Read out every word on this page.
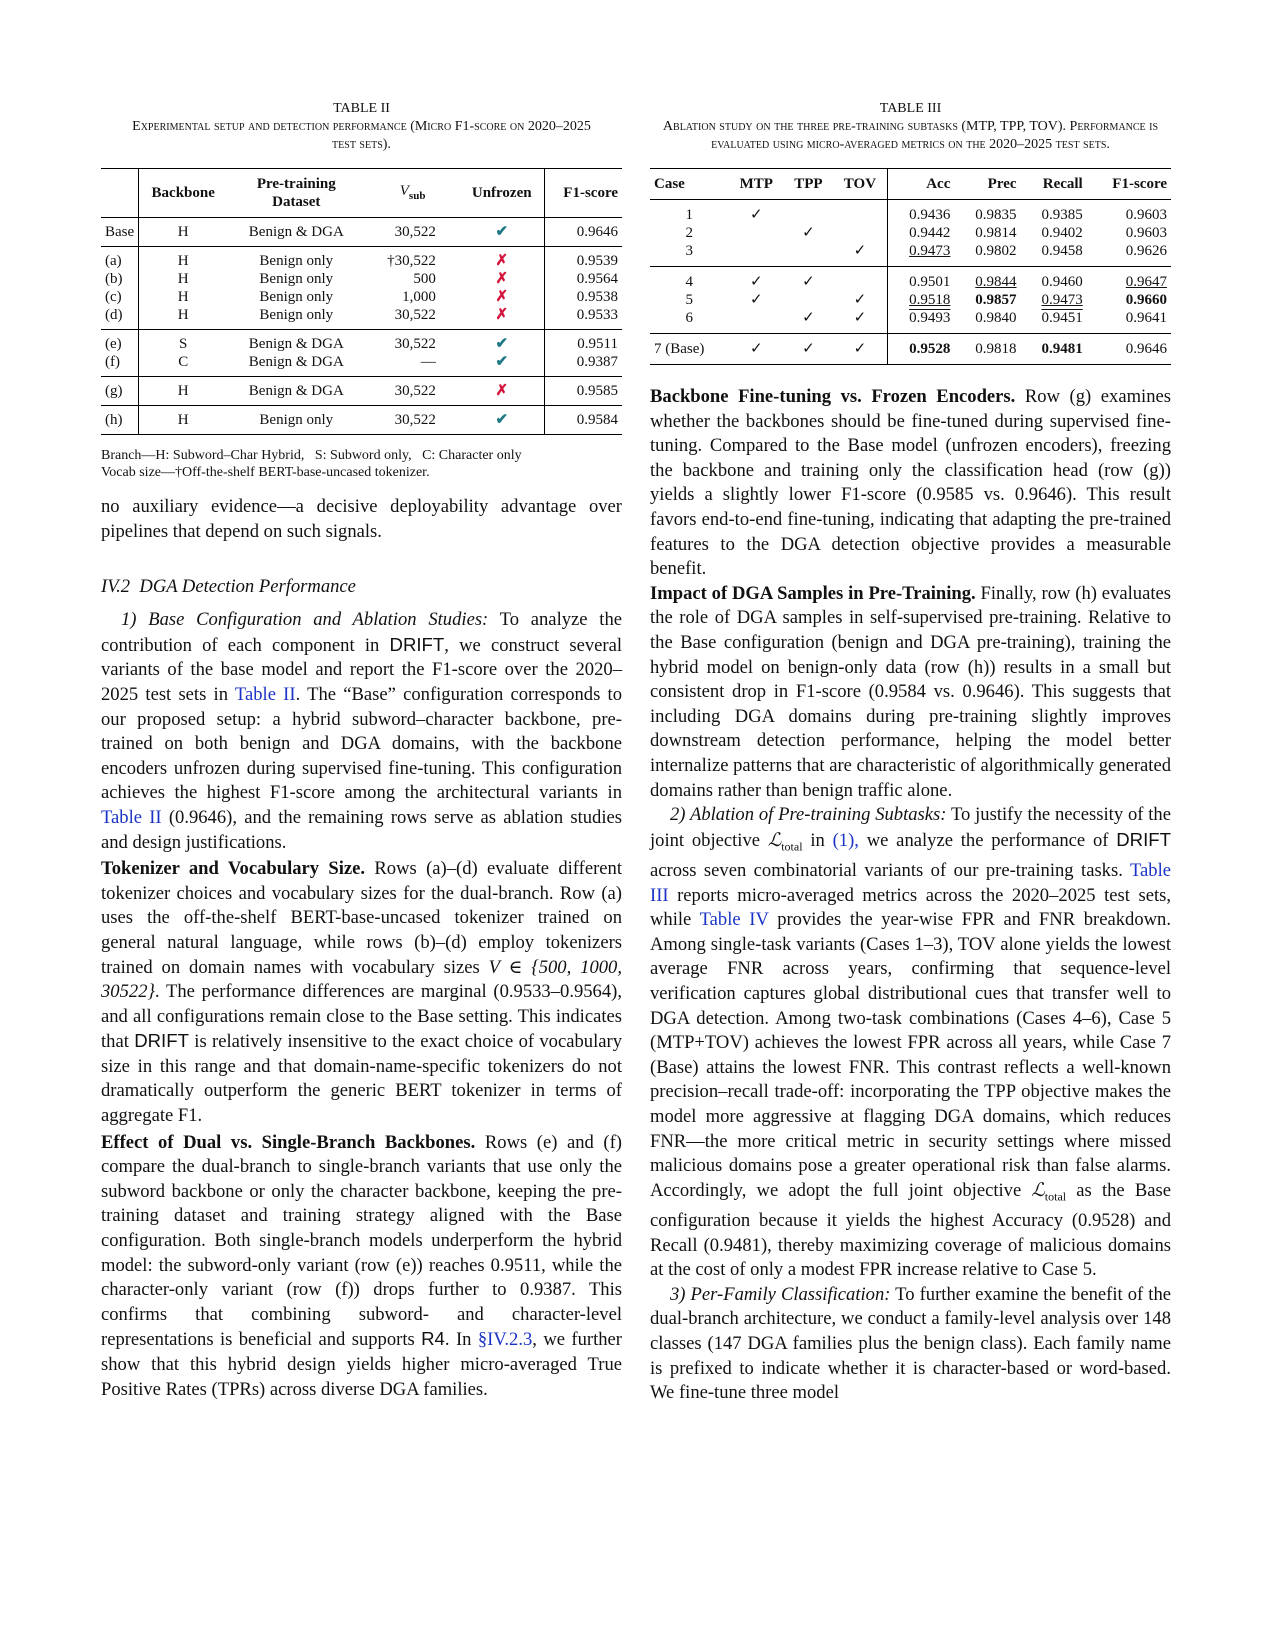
TABLE II
Experimental setup and detection performance (Micro F1-score on 2020–2025 test sets).
	Backbone	Pre-training Dataset	$V_{sub}$	Unfrozen	F1-score
Base	H	Benign & DGA	30,522	✔	0.9646
(a)	H	Benign only	†30,522	✗	0.9539
(b)	H	Benign only	500	✗	0.9564
(c)	H	Benign only	1,000	✗	0.9538
(d)	H	Benign only	30,522	✗	0.9533
(e)	S	Benign & DGA	30,522	✔	0.9511
(f)	C	Benign & DGA	—	✔	0.9387
(g)	H	Benign & DGA	30,522	✗	0.9585
(h)	H	Benign only	30,522	✔	0.9584
Branch—H: Subword–Char Hybrid,   S: Subword only,   C: Character only
Vocab size—†Off-the-shelf BERT-base-uncased tokenizer.

no auxiliary evidence—a decisive deployability advantage over pipelines that depend on such signals.

IV.2  DGA Detection Performance

1) Base Configuration and Ablation Studies: To analyze the contribution of each component in DRIFT, we construct several variants of the base model and report the F1-score over the 2020–2025 test sets in Table II. The “Base” configuration corresponds to our proposed setup: a hybrid subword–character backbone, pre-trained on both benign and DGA domains, with the backbone encoders unfrozen during supervised fine-tuning. This configuration achieves the highest F1-score among the architectural variants in Table II (0.9646), and the remaining rows serve as ablation studies and design justifications.

Tokenizer and Vocabulary Size. Rows (a)–(d) evaluate different tokenizer choices and vocabulary sizes for the dual-branch. Row (a) uses the off-the-shelf BERT-base-uncased tokenizer trained on general natural language, while rows (b)–(d) employ tokenizers trained on domain names with vocabulary sizes V ∈ {500, 1000, 30522}. The performance differences are marginal (0.9533–0.9564), and all configurations remain close to the Base setting. This indicates that DRIFT is relatively insensitive to the exact choice of vocabulary size in this range and that domain-name-specific tokenizers do not dramatically outperform the generic BERT tokenizer in terms of aggregate F1.

Effect of Dual vs. Single-Branch Backbones. Rows (e) and (f) compare the dual-branch to single-branch variants that use only the subword backbone or only the character backbone, keeping the pre-training dataset and training strategy aligned with the Base configuration. Both single-branch models underperform the hybrid model: the subword-only variant (row (e)) reaches 0.9511, while the character-only variant (row (f)) drops further to 0.9387. This confirms that combining subword- and character-level representations is beneficial and supports R4. In §IV.2.3, we further show that this hybrid design yields higher micro-averaged True Positive Rates (TPRs) across diverse DGA families.

TABLE III
Ablation study on the three pre-training subtasks (MTP, TPP, TOV). Performance is evaluated using micro-averaged metrics on the 2020–2025 test sets.
Case	MTP	TPP	TOV	Acc	Prec	Recall	F1-score
1	✓			0.9436	0.9835	0.9385	0.9603
2		✓		0.9442	0.9814	0.9402	0.9603
3			✓	0.9473	0.9802	0.9458	0.9626
4	✓	✓		0.9501	0.9844	0.9460	0.9647
5	✓		✓	0.9518	0.9857	0.9473	0.9660
6		✓	✓	0.9493	0.9840	0.9451	0.9641
7 (Base)	✓	✓	✓	0.9528	0.9818	0.9481	0.9646

Backbone Fine-tuning vs. Frozen Encoders. Row (g) examines whether the backbones should be fine-tuned during supervised fine-tuning. Compared to the Base model (unfrozen encoders), freezing the backbone and training only the classification head (row (g)) yields a slightly lower F1-score (0.9585 vs. 0.9646). This result favors end-to-end fine-tuning, indicating that adapting the pre-trained features to the DGA detection objective provides a measurable benefit.

Impact of DGA Samples in Pre-Training. Finally, row (h) evaluates the role of DGA samples in self-supervised pre-training. Relative to the Base configuration (benign and DGA pre-training), training the hybrid model on benign-only data (row (h)) results in a small but consistent drop in F1-score (0.9584 vs. 0.9646). This suggests that including DGA domains during pre-training slightly improves downstream detection performance, helping the model better internalize patterns that are characteristic of algorithmically generated domains rather than benign traffic alone.

2) Ablation of Pre-training Subtasks: To justify the necessity of the joint objective ℒ$_{total}$ in (1), we analyze the performance of DRIFT across seven combinatorial variants of our pre-training tasks. Table III reports micro-averaged metrics across the 2020–2025 test sets, while Table IV provides the year-wise FPR and FNR breakdown. Among single-task variants (Cases 1–3), TOV alone yields the lowest average FNR across years, confirming that sequence-level verification captures global distributional cues that transfer well to DGA detection. Among two-task combinations (Cases 4–6), Case 5 (MTP+TOV) achieves the lowest FPR across all years, while Case 7 (Base) attains the lowest FNR. This contrast reflects a well-known precision–recall trade-off: incorporating the TPP objective makes the model more aggressive at flagging DGA domains, which reduces FNR—the more critical metric in security settings where missed malicious domains pose a greater operational risk than false alarms. Accordingly, we adopt the full joint objective ℒ$_{total}$ as the Base configuration because it yields the highest Accuracy (0.9528) and Recall (0.9481), thereby maximizing coverage of malicious domains at the cost of only a modest FPR increase relative to Case 5.

3) Per-Family Classification: To further examine the benefit of the dual-branch architecture, we conduct a family-level analysis over 148 classes (147 DGA families plus the benign class). Each family name is prefixed to indicate whether it is character-based or word-based. We fine-tune three model
